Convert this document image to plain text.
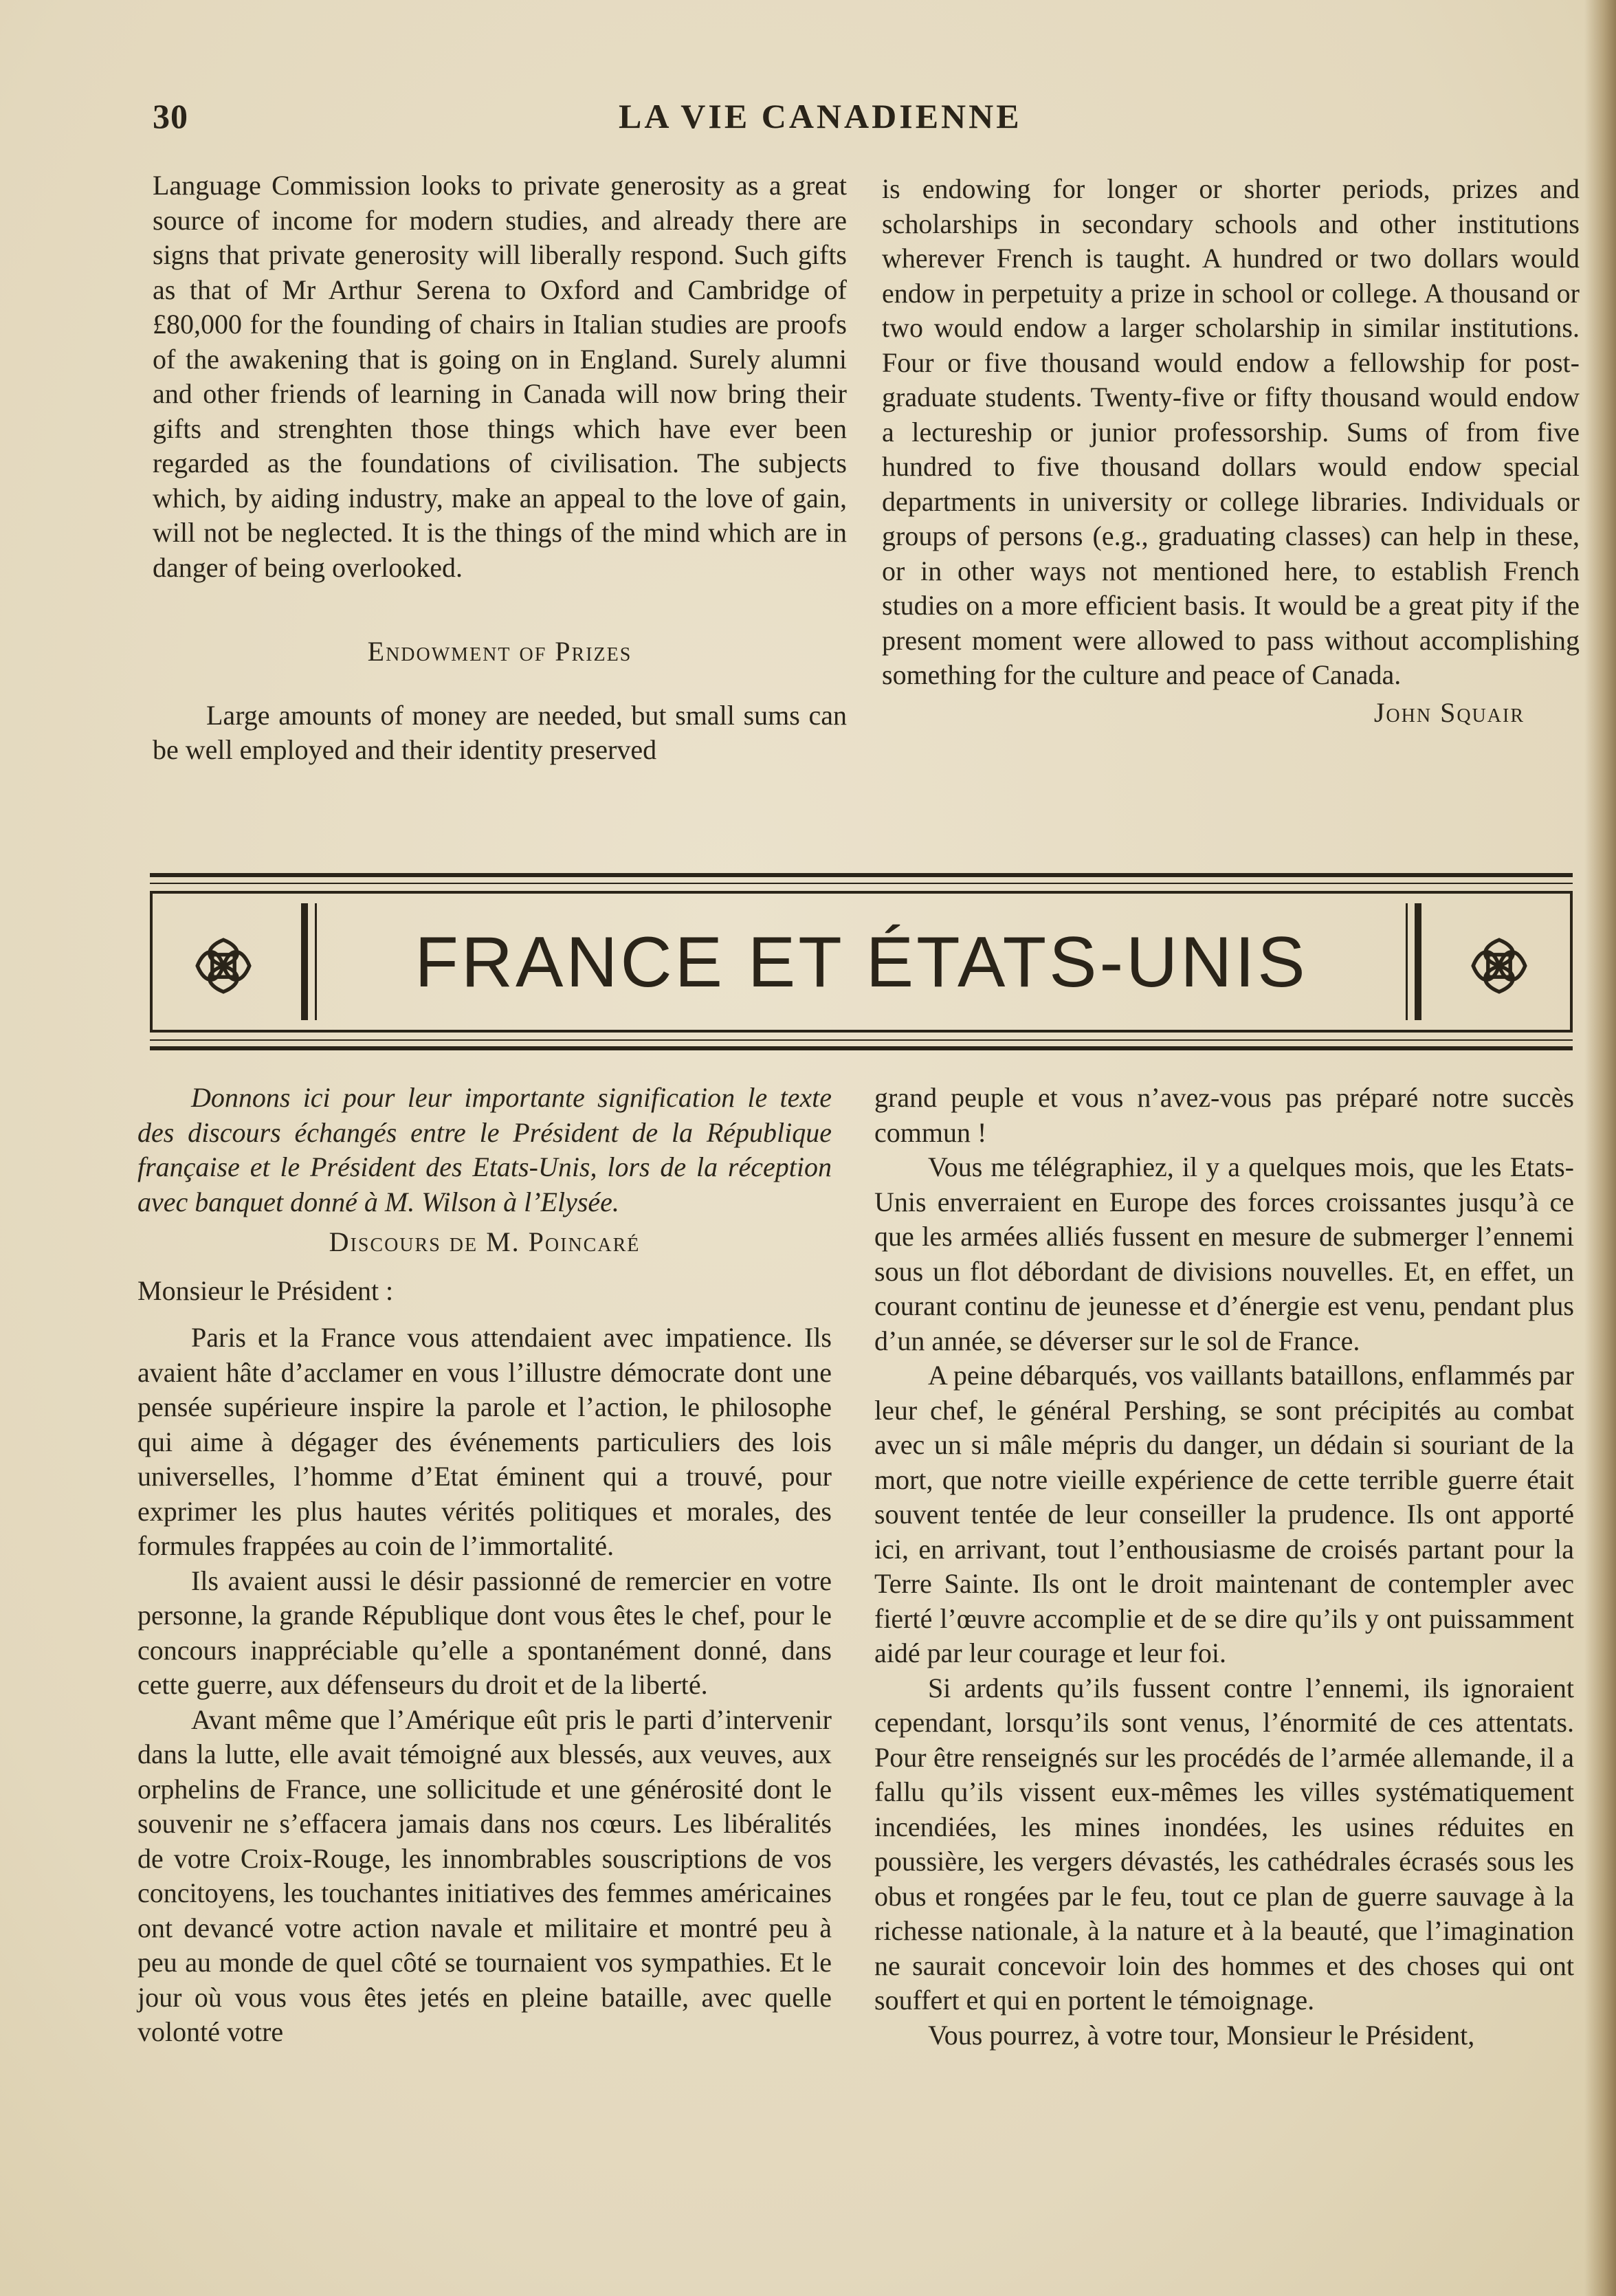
30	LA VIE CANADIENNE

Language Commission looks to private generosity as a great source of income for modern studies, and already there are signs that private generosity will liberally respond. Such gifts as that of Mr Arthur Serena to Oxford and Cambridge of £80,000 for the founding of chairs in Italian studies are proofs of the awakening that is going on in England. Surely alumni and other friends of learning in Canada will now bring their gifts and strenghten those things which have ever been regarded as the foundations of civilisation. The subjects which, by aiding industry, make an appeal to the love of gain, will not be neglected. It is the things of the mind which are in danger of being overlooked.

Endowment of Prizes

Large amounts of money are needed, but small sums can be well employed and their identity preserved

is endowing for longer or shorter periods, prizes and scholarships in secondary schools and other institutions wherever French is taught. A hundred or two dollars would endow in perpetuity a prize in school or college. A thousand or two would endow a larger scholarship in similar institutions. Four or five thousand would endow a fellowship for post-graduate students. Twenty-five or fifty thousand would endow a lectureship or junior professorship. Sums of from five hundred to five thousand dollars would endow special departments in university or college libraries. Individuals or groups of persons (e.g., graduating classes) can help in these, or in other ways not mentioned here, to establish French studies on a more efficient basis. It would be a great pity if the present moment were allowed to pass without accomplishing something for the culture and peace of Canada.

John Squair

FRANCE ET ÉTATS-UNIS

Donnons ici pour leur importante signification le texte des discours échangés entre le Président de la République française et le Président des Etats-Unis, lors de la réception avec banquet donné à M. Wilson à l’Elysée.

Discours de M. Poincaré

Monsieur le Président :

Paris et la France vous attendaient avec impatience. Ils avaient hâte d’acclamer en vous l’illustre démocrate dont une pensée supérieure inspire la parole et l’action, le philosophe qui aime à dégager des événements particuliers des lois universelles, l’homme d’Etat éminent qui a trouvé, pour exprimer les plus hautes vérités politiques et morales, des formules frappées au coin de l’immortalité.

Ils avaient aussi le désir passionné de remercier en votre personne, la grande République dont vous êtes le chef, pour le concours inappréciable qu’elle a spontanément donné, dans cette guerre, aux défenseurs du droit et de la liberté.

Avant même que l’Amérique eût pris le parti d’intervenir dans la lutte, elle avait témoigné aux blessés, aux veuves, aux orphelins de France, une sollicitude et une générosité dont le souvenir ne s’effacera jamais dans nos cœurs. Les libéralités de votre Croix-Rouge, les innombrables souscriptions de vos concitoyens, les touchantes initiatives des femmes américaines ont devancé votre action navale et militaire et montré peu à peu au monde de quel côté se tournaient vos sympathies. Et le jour où vous vous êtes jetés en pleine bataille, avec quelle volonté votre

grand peuple et vous n’avez-vous pas préparé notre succès commun !

Vous me télégraphiez, il y a quelques mois, que les Etats-Unis enverraient en Europe des forces croissantes jusqu’à ce que les armées alliés fussent en mesure de submerger l’ennemi sous un flot débordant de divisions nouvelles. Et, en effet, un courant continu de jeunesse et d’énergie est venu, pendant plus d’un année, se déverser sur le sol de France.

A peine débarqués, vos vaillants bataillons, enflammés par leur chef, le général Pershing, se sont précipités au combat avec un si mâle mépris du danger, un dédain si souriant de la mort, que notre vieille expérience de cette terrible guerre était souvent tentée de leur conseiller la prudence. Ils ont apporté ici, en arrivant, tout l’enthousiasme de croisés partant pour la Terre Sainte. Ils ont le droit maintenant de contempler avec fierté l’œuvre accomplie et de se dire qu’ils y ont puissamment aidé par leur courage et leur foi.

Si ardents qu’ils fussent contre l’ennemi, ils ignoraient cependant, lorsqu’ils sont venus, l’énormité de ces attentats. Pour être renseignés sur les procédés de l’armée allemande, il a fallu qu’ils vissent eux-mêmes les villes systématiquement incendiées, les mines inondées, les usines réduites en poussière, les vergers dévastés, les cathédrales écrasés sous les obus et rongées par le feu, tout ce plan de guerre sauvage à la richesse nationale, à la nature et à la beauté, que l’imagination ne saurait concevoir loin des hommes et des choses qui ont souffert et qui en portent le témoignage.

Vous pourrez, à votre tour, Monsieur le Président,
